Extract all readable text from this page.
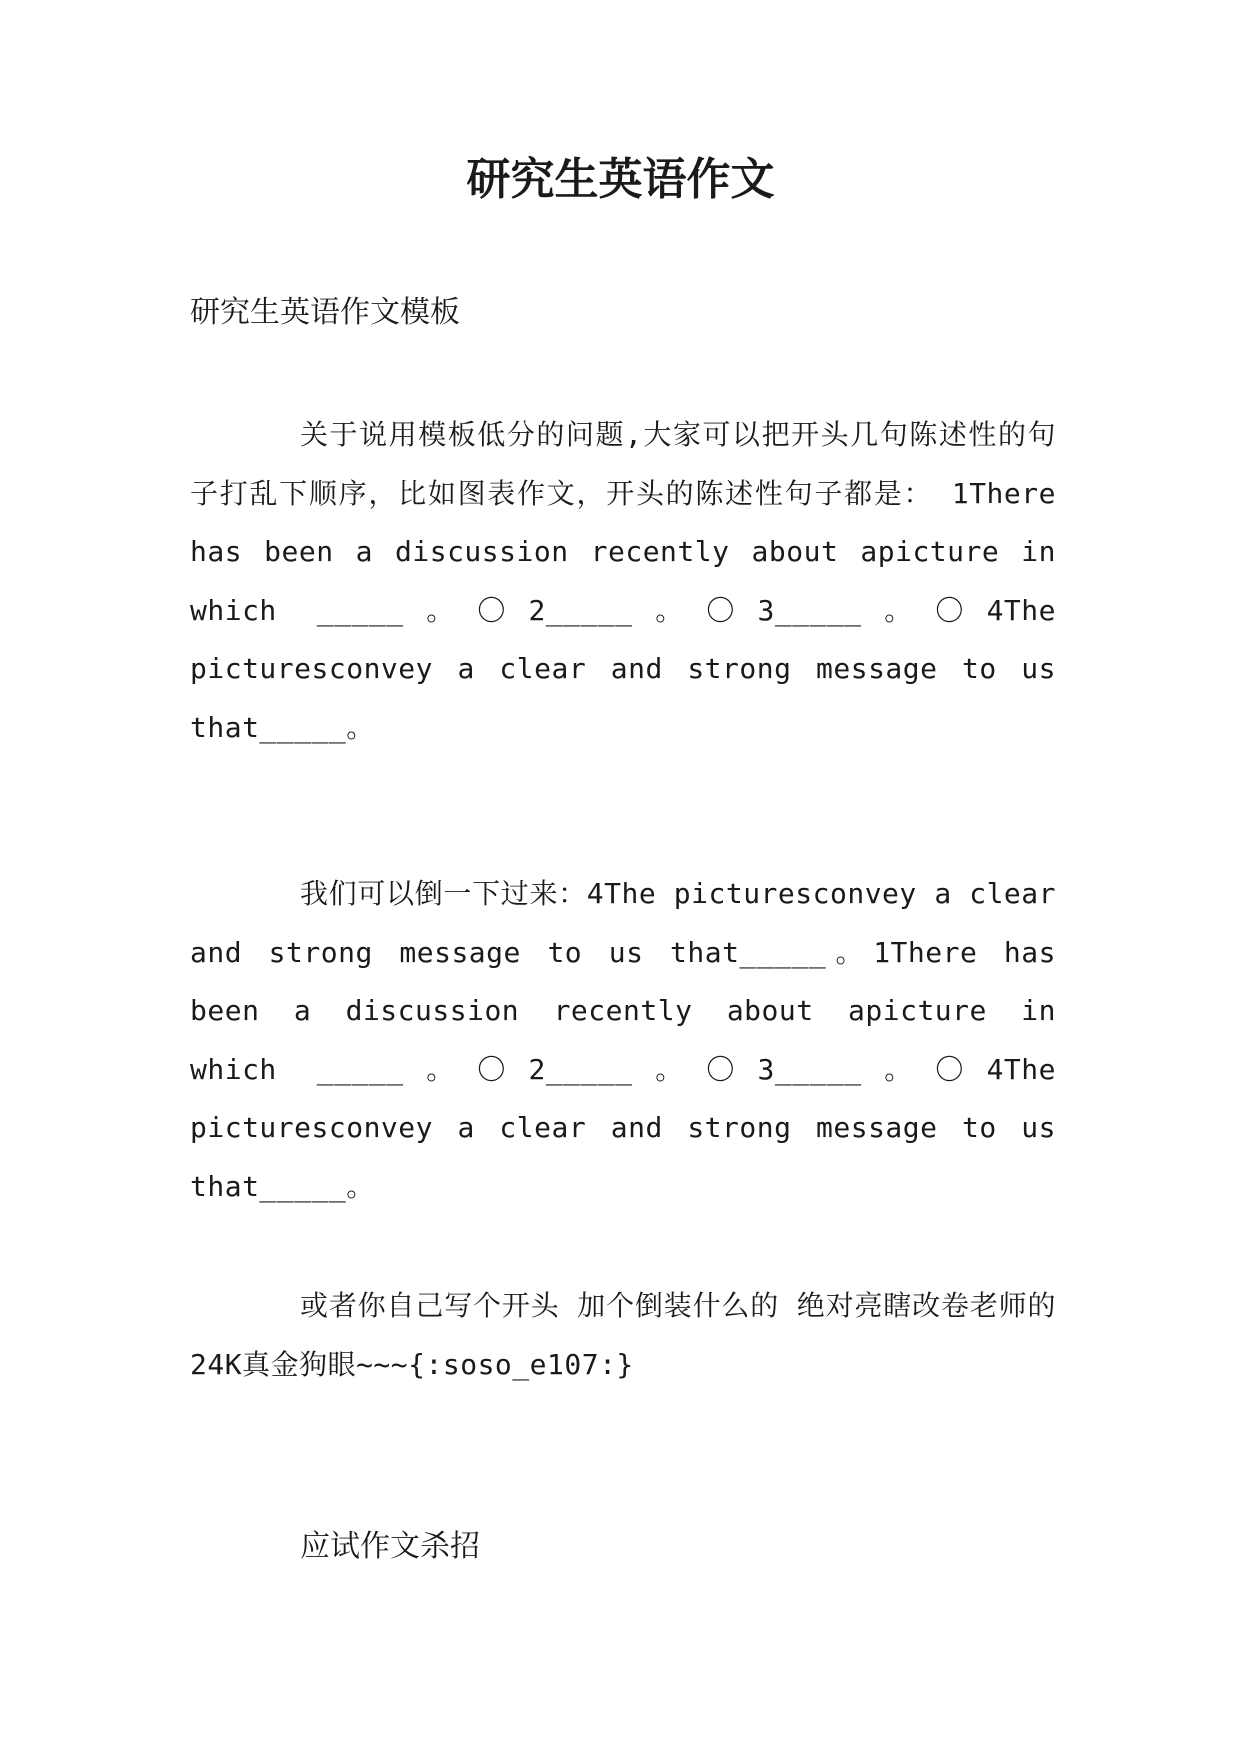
研究生英语作文

研究生英语作文模板

关于说用模板低分的问题,大家可以把开头几句陈述性的句子打乱下顺序，比如图表作文，开头的陈述性句子都是： 1There has been a discussion recently about apicture in which _____。〇2_____。〇3_____。〇4The picturesconvey a clear and strong message to us that_____。

我们可以倒一下过来：4The picturesconvey a clear and strong message to us that_____。1There has been a discussion recently about apicture in which _____。〇2_____。〇3_____。〇4The picturesconvey a clear and strong message to us that_____。

或者你自己写个开头 加个倒装什么的 绝对亮瞎改卷老师的24K真金狗眼~~~{:soso_e107:}

应试作文杀招
